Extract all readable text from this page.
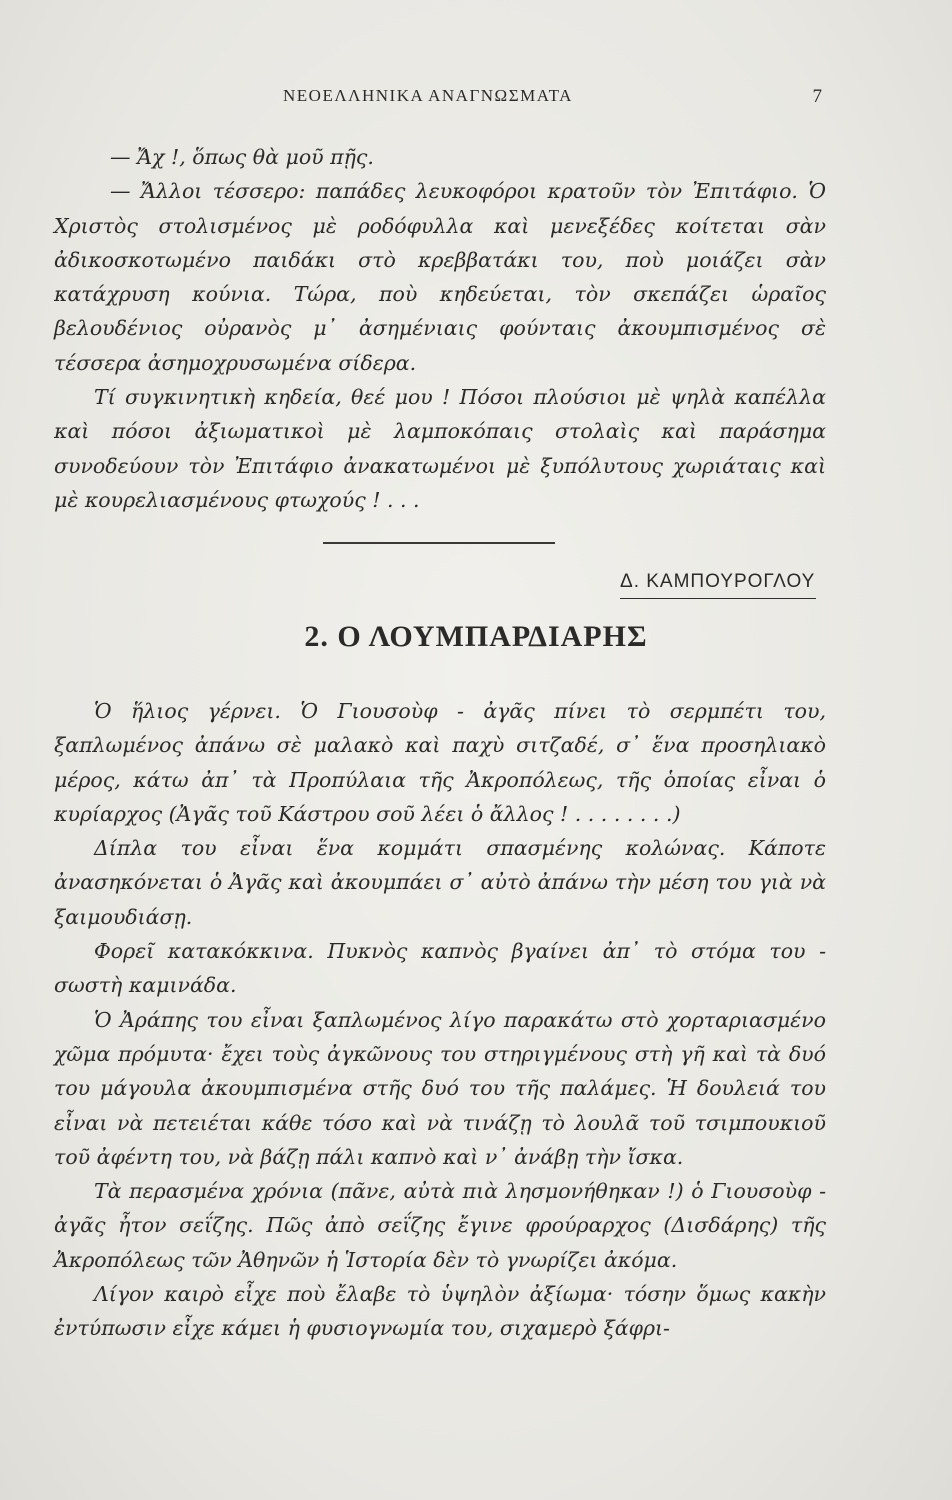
ΝΕΟΕΛΛΗΝΙΚΑ ΑΝΑΓΝΩΣΜΑΤΑ	7

— Ἄχ !, ὅπως θὰ μοῦ πῇς.

— Ἄλλοι τέσσερο: παπάδες λευκοφόροι κρατοῦν τὸν Ἐπιτάφιο. Ὁ Χριστὸς στολισμένος μὲ ροδόφυλλα καὶ μενεξέδες κοίτεται σὰν ἀδικοσκοτωμένο παιδάκι στὸ κρεββατάκι του, ποὺ μοιάζει σὰν κατάχρυση κούνια. Τώρα, ποὺ κηδεύεται, τὸν σκεπάζει ὡραῖος βελουδένιος οὐρανὸς μ᾽ ἀσημένιαις φούνταις ἀκουμπισμένος σὲ τέσσερα ἀσημοχρυσωμένα σίδερα.

Τί συγκινητικὴ κηδεία, θεέ μου ! Πόσοι πλούσιοι μὲ ψηλὰ καπέλλα καὶ πόσοι ἀξιωματικοὶ μὲ λαμποκόπαις στολαὶς καὶ παράσημα συνοδεύουν τὸν Ἐπιτάφιο ἀνακατωμένοι μὲ ξυπόλυτους χωριάταις καὶ μὲ κουρελιασμένους φτωχούς ! . . .

Δ. ΚΑΜΠΟΥΡΟΓΛΟΥ
2. Ο ΛΟΥΜΠΑΡΔΙΑΡΗΣ

Ὁ ἥλιος γέρνει. Ὁ Γιουσοὺφ - ἀγᾶς πίνει τὸ σερμπέτι του, ξαπλωμένος ἀπάνω σὲ μαλακὸ καὶ παχὺ σιτζαδέ, σ᾽ ἕνα προσηλιακὸ μέρος, κάτω ἀπ᾽ τὰ Προπύλαια τῆς Ἀκροπόλεως, τῆς ὁποίας εἶναι ὁ κυρίαρχος (Ἀγᾶς τοῦ Κάστρου σοῦ λέει ὁ ἄλλος ! . . . . . . . .)

Δίπλα του εἶναι ἕνα κομμάτι σπασμένης κολώνας. Κάποτε ἀνασηκόνεται ὁ Ἀγᾶς καὶ ἀκουμπάει σ᾽ αὐτὸ ἀπάνω τὴν μέση του γιὰ νὰ ξαιμουδιάσῃ.

Φορεῖ κατακόκκινα. Πυκνὸς καπνὸς βγαίνει ἀπ᾽ τὸ στόμα του - σωστὴ καμινάδα.

Ὁ Ἀράπης του εἶναι ξαπλωμένος λίγο παρακάτω στὸ χορταριασμένο χῶμα πρόμυτα· ἔχει τοὺς ἀγκῶνους του στηριγμένους στὴ γῆ καὶ τὰ δυό του μάγουλα ἀκουμπισμένα στῆς δυό του τῆς παλάμες. Ἡ δουλειά του εἶναι νὰ πετειέται κάθε τόσο καὶ νὰ τινάζῃ τὸ λουλᾶ τοῦ τσιμπουκιοῦ τοῦ ἀφέντη του, νὰ βάζῃ πάλι καπνὸ καὶ ν᾽ ἀνάβῃ τὴν ἴσκα.

Τὰ περασμένα χρόνια (πᾶνε, αὐτὰ πιὰ λησμονήθηκαν !) ὁ Γιουσοὺφ - ἀγᾶς ἦτον σεΐζης. Πῶς ἀπὸ σεΐζης ἔγινε φρούραρχος (Δισδάρης) τῆς Ἀκροπόλεως τῶν Ἀθηνῶν ἡ Ἱστορία δὲν τὸ γνωρίζει ἀκόμα.

Λίγον καιρὸ εἶχε ποὺ ἔλαβε τὸ ὑψηλὸν ἀξίωμα· τόσην ὅμως κακὴν ἐντύπωσιν εἶχε κάμει ἡ φυσιογνωμία του, σιχαμερὸ ξάφρι-
